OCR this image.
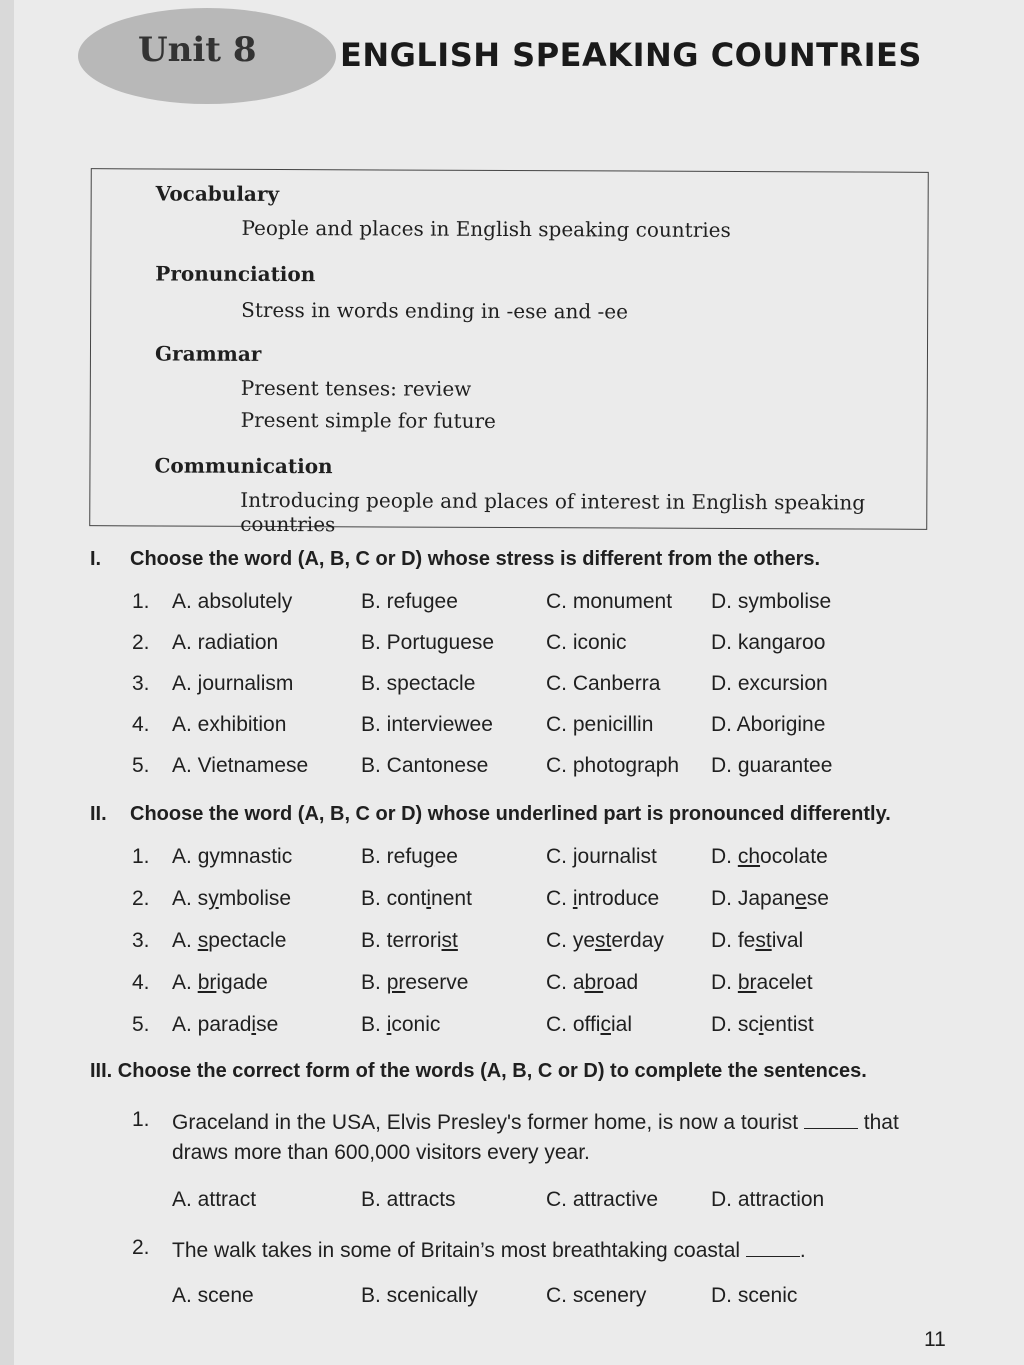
Unit 8	ENGLISH SPEAKING COUNTRIES
Vocabulary
People and places in English speaking countries
Pronunciation
Stress in words ending in -ese and -ee
Grammar
Present tenses: review
Present simple for future
Communication
Introducing people and places of interest in English speaking countries
I. Choose the word (A, B, C or D) whose stress is different from the others.
1. A. absolutely	B. refugee	C. monument D. symbolise
2. A. radiation	B. Portuguese C. iconic	D. kangaroo
3. A. journalism	B. spectacle	C. Canberra D. excursion
4. A. exhibition	B. interviewee	C. penicillin	D. Aborigine
5. A. Vietnamese	B. Cantonese	C. photograph D. guarantee
II. Choose the word (A, B, C or D) whose underlined part is pronounced differently.
1. A. gymnastic	B. refugee	C. journalist	D. chocolate
2. A. symbolise	B. continent	C. introduce D. Japanese
3. A. spectacle	B. terrorist	C. yesterday D. festival
4. A. brigade	B. preserve	C. abroad	D. bracelet
5. A. paradise	B. iconic	C. official	D. scientist
III. Choose the correct form of the words (A, B, C or D) to complete the sentences.
1. Graceland in the USA, Elvis Presley's former home, is now a tourist	that
draws more than 600,000 visitors every year.
A. attract	B. attracts	C. attractive	D. attraction
2. The walk takes in some of Britain’s most breathtaking coastal	.
A. scene	B. scenically	C. scenery	D. scenic
11
